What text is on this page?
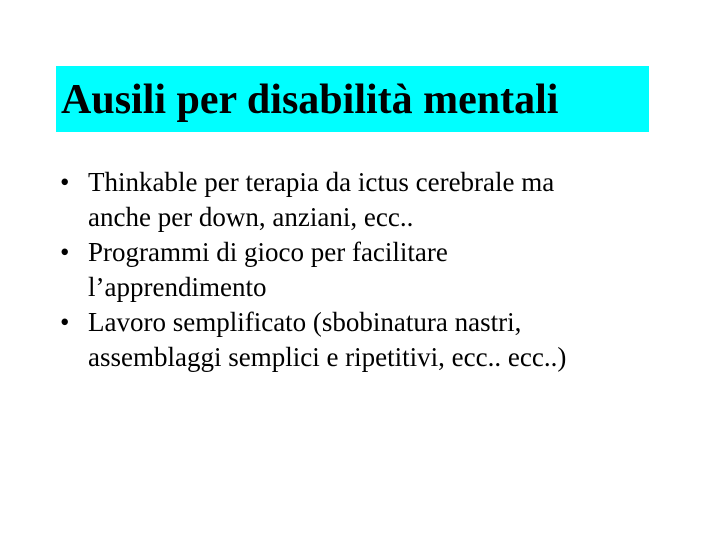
Ausili per disabilità mentali
• Thinkable per terapia da ictus cerebrale ma
anche per down, anziani, ecc..
• Programmi di gioco per facilitare
l’apprendimento
• Lavoro semplificato (sbobinatura nastri,
assemblaggi semplici e ripetitivi, ecc.. ecc..)
